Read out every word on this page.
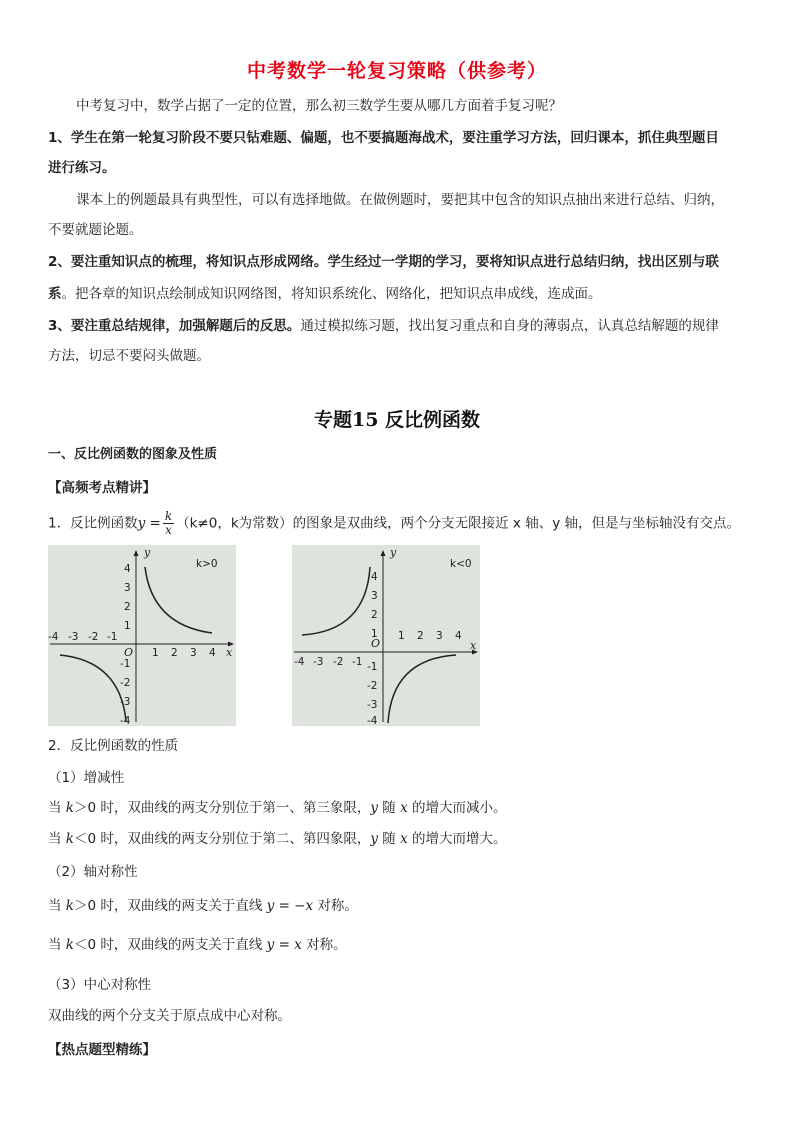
中考数学一轮复习策略（供参考）
中考复习中，数学占据了一定的位置，那么初三数学生要从哪几方面着手复习呢？
1、学生在第一轮复习阶段不要只钻难题、偏题，也不要搞题海战术，要注重学习方法，回归课本，抓住典型题目
进行练习。
课本上的例题最具有典型性，可以有选择地做。在做例题时，要把其中包含的知识点抽出来进行总结、归纳，
不要就题论题。
2、要注重知识点的梳理，将知识点形成网络。学生经过一学期的学习，要将知识点进行总结归纳，找出区别与联
系。把各章的知识点绘制成知识网络图，将知识系统化、网络化，把知识点串成线，连成面。
3、要注重总结规律，加强解题后的反思。通过模拟练习题，找出复习重点和自身的薄弱点，认真总结解题的规律
方法，切忌不要闷头做题。
专题15 反比例函数
一、反比例函数的图象及性质
【高频考点精讲】
1．反比例函数$y = \frac{k}{x} (k\ne 0$，k为常数）的图象是双曲线，两个分支无限接近 x 轴、y 轴，但是与坐标轴没有交点。
y
x
O
k>0
-4 -3 -2 -1
1 2 3 4
4
3
2
1
-1
-2
-3
-4
y
x
O
k<0
-4 -3 -2 -1
1 2 3 4
4
3
2
1
-1
-2
-3
-4
2．反比例函数的性质
（1）增减性
当 k＞0 时，双曲线的两支分别位于第一、第三象限，y 随 x 的增大而减小。
当 k＜0 时，双曲线的两支分别位于第二、第四象限，y 随 x 的增大而增大。
（2）轴对称性
当 k＞0 时，双曲线的两支关于直线 y = −x 对称。
当 k＜0 时，双曲线的两支关于直线 y = x 对称。
（3）中心对称性
双曲线的两个分支关于原点成中心对称。
【热点题型精练】
